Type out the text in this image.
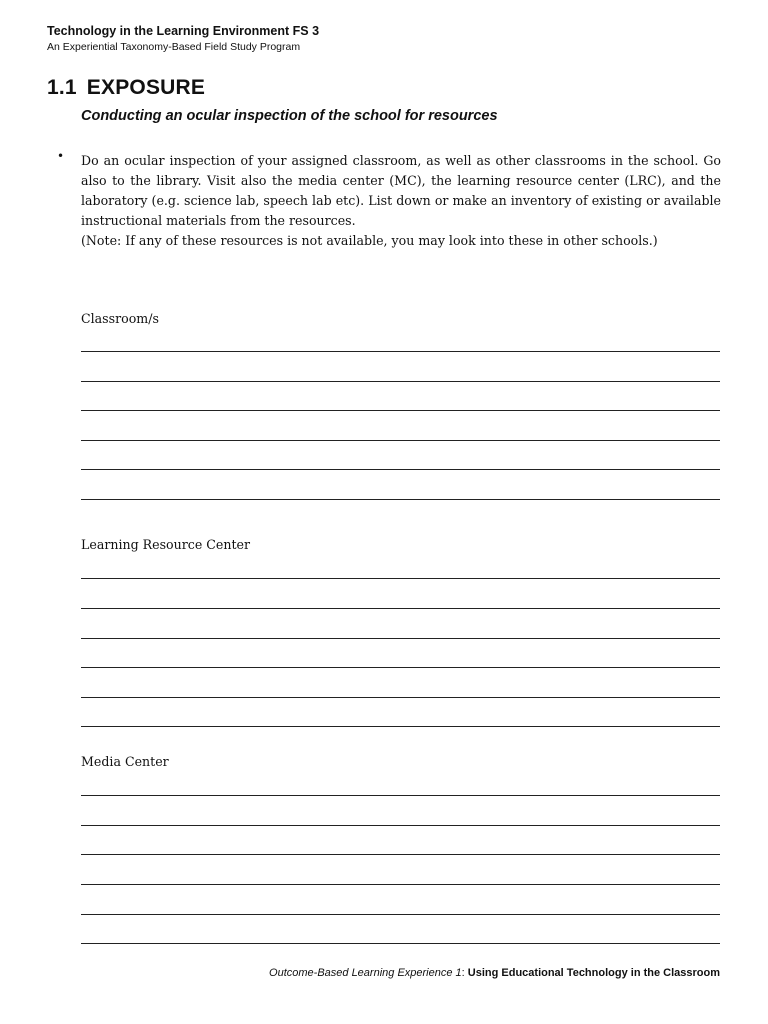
Technology in the Learning Environment FS 3

An Experiential Taxonomy-Based Field Study Program

1.1 EXPOSURE
Conducting an ocular inspection of the school for resources
• Do an ocular inspection of your assigned classroom, as well as other classrooms in the school. Go also to the library. Visit also the media center (MC), the learning resource center (LRC), and the laboratory (e.g. science lab, speech lab etc). List down or make an inventory of existing or available instructional materials from the resources.

(Note: If any of these resources is not available, you may look into these in other schools.)

Classroom/s

Learning Resource Center

Media Center

Outcome-Based Learning Experience 1: Using Educational Technology in the Classroom
